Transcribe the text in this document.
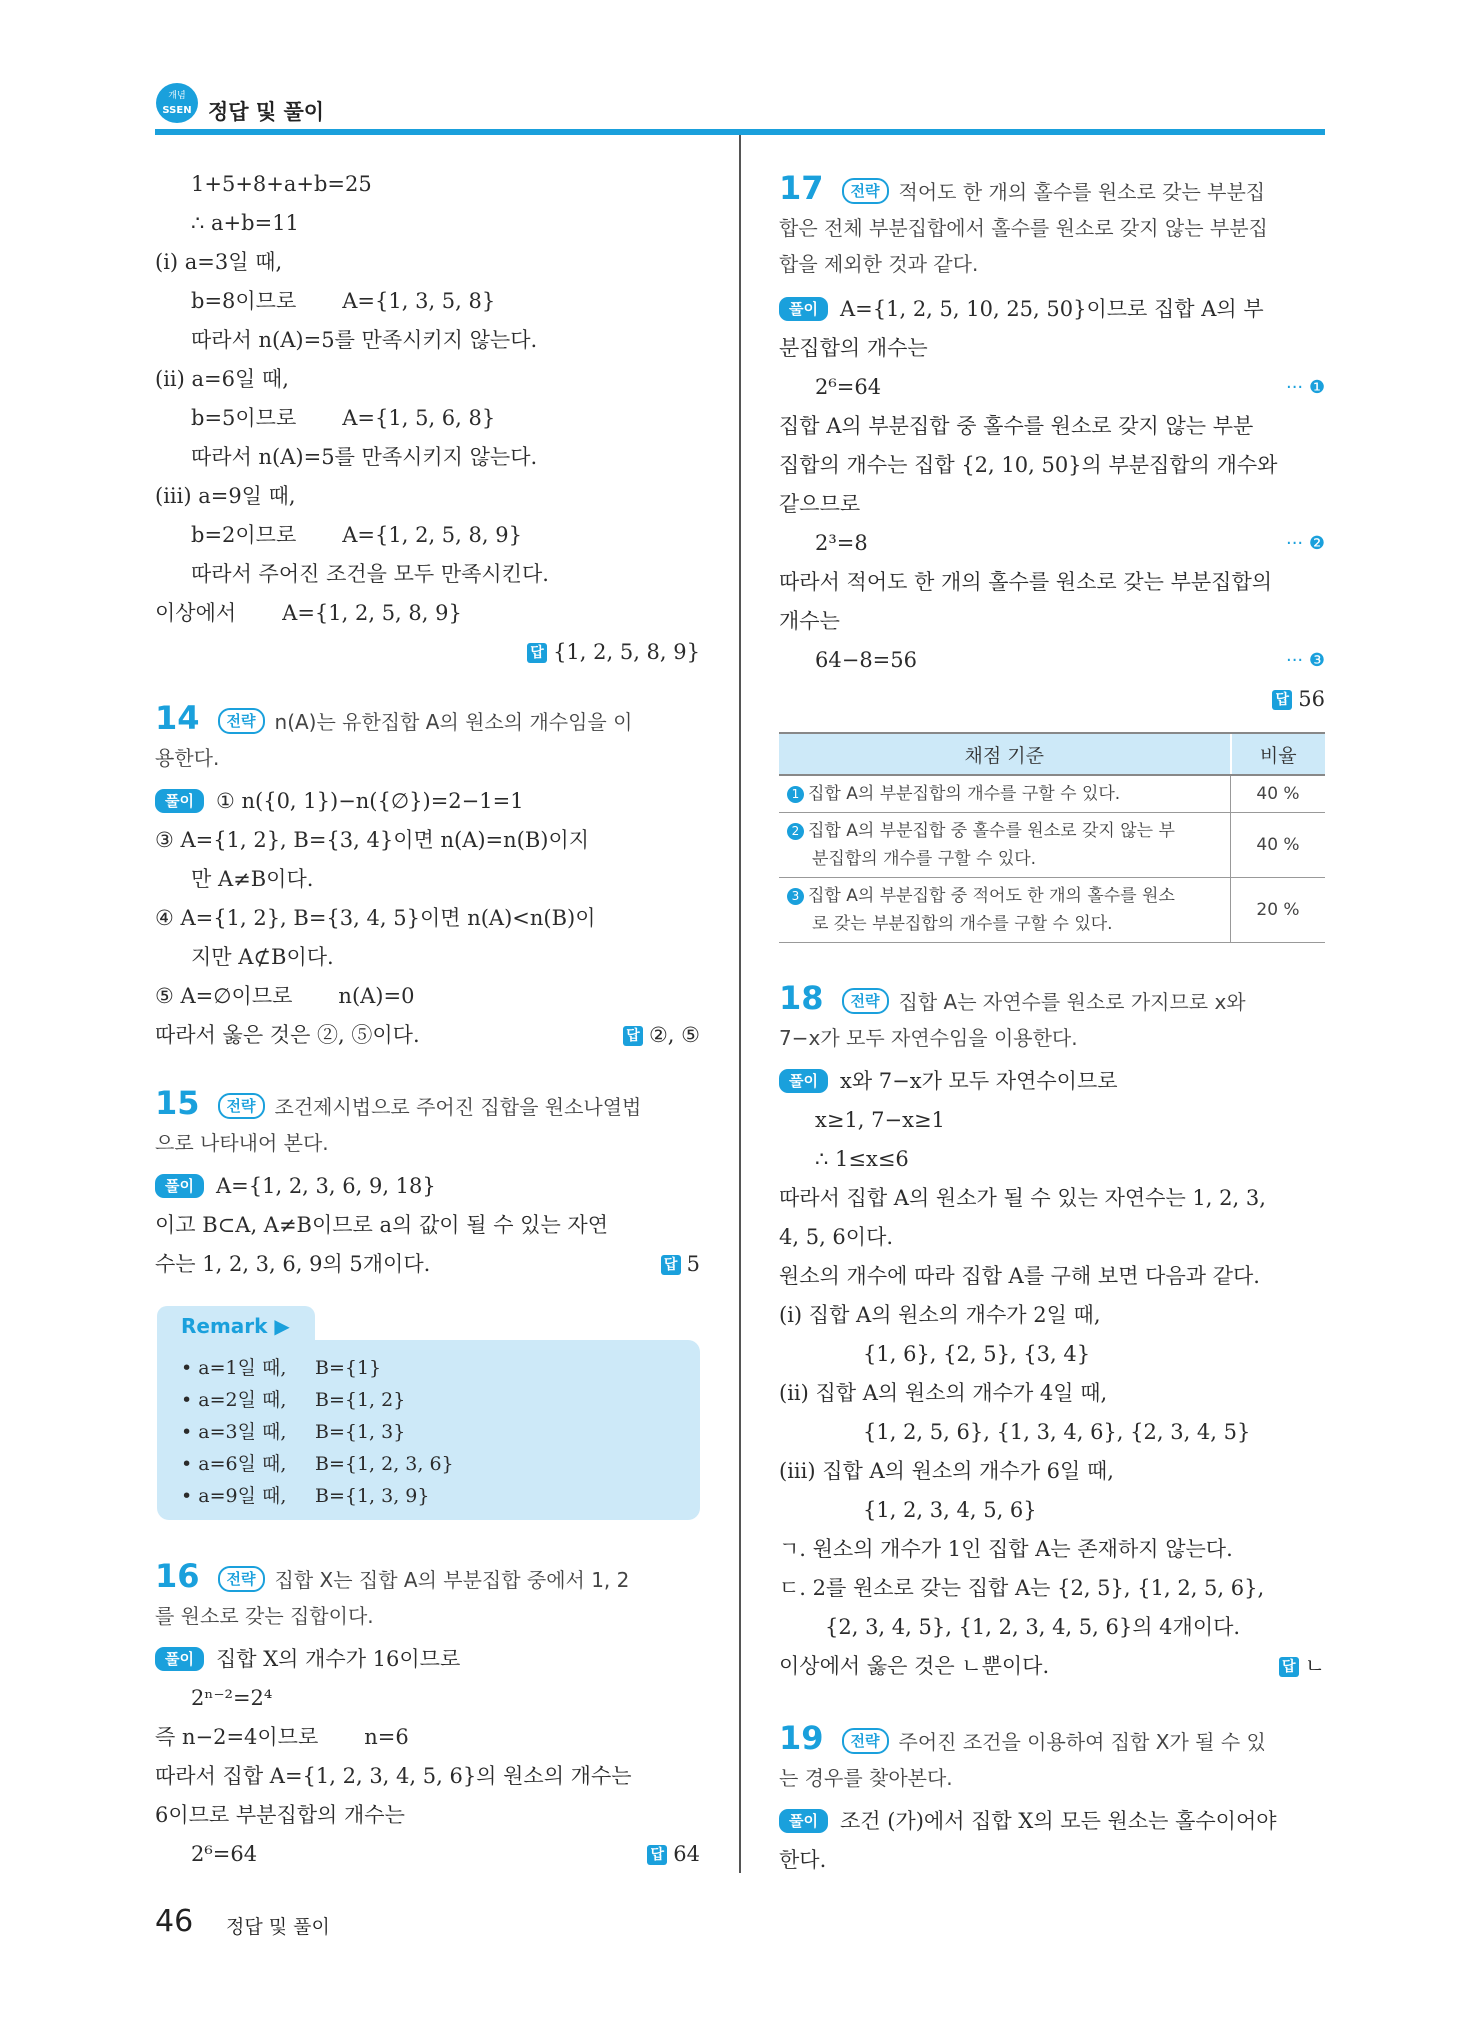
개념
SSEN 정답 및 풀이
1+5+8+a+b=25
∴ a+b=11
(i) a=3일 때,
b=8이므로 A={1, 3, 5, 8}
따라서 n(A)=5를 만족시키지 않는다.
(ii) a=6일 때,
b=5이므로 A={1, 5, 6, 8}
따라서 n(A)=5를 만족시키지 않는다.
(iii) a=9일 때,
b=2이므로 A={1, 2, 5, 8, 9}
따라서 주어진 조건을 모두 만족시킨다.
이상에서 A={1, 2, 5, 8, 9}
답 {1, 2, 5, 8, 9}
14 전략 n(A)는 유한집합 A의 원소의 개수임을 이
용한다.
풀이 ① n({0, 1})−n({∅})=2−1=1
③ A={1, 2}, B={3, 4}이면 n(A)=n(B)이지
만 A≠B이다.
④ A={1, 2}, B={3, 4, 5}이면 n(A)<n(B)이
지만 A⊄B이다.
⑤ A=∅이므로 n(A)=0
따라서 옳은 것은 ②, ⑤이다.	답 ②, ⑤
15 전략 조건제시법으로 주어진 집합을 원소나열법
으로 나타내어 본다.
풀이 A={1, 2, 3, 6, 9, 18}
이고 B⊂A, A≠B이므로 a의 값이 될 수 있는 자연
수는 1, 2, 3, 6, 9의 5개이다.	답 5
Remark ▶
• a=1일 때, B={1}
• a=2일 때, B={1, 2}
• a=3일 때, B={1, 3}
• a=6일 때, B={1, 2, 3, 6}
• a=9일 때, B={1, 3, 9}
16 전략 집합 X는 집합 A의 부분집합 중에서 1, 2
를 원소로 갖는 집합이다.
풀이 집합 X의 개수가 16이므로
2ⁿ⁻²=2⁴
즉 n−2=4이므로 n=6
따라서 집합 A={1, 2, 3, 4, 5, 6}의 원소의 개수는
6이므로 부분집합의 개수는
2⁶=64	답 64
17 전략 적어도 한 개의 홀수를 원소로 갖는 부분집
합은 전체 부분집합에서 홀수를 원소로 갖지 않는 부분집
합을 제외한 것과 같다.
풀이 A={1, 2, 5, 10, 25, 50}이므로 집합 A의 부
분집합의 개수는
2⁶=64	··· ❶
집합 A의 부분집합 중 홀수를 원소로 갖지 않는 부분
집합의 개수는 집합 {2, 10, 50}의 부분집합의 개수와
같으므로
2³=8	··· ❷
따라서 적어도 한 개의 홀수를 원소로 갖는 부분집합의
개수는
64−8=56	··· ❸
답 56
채점 기준	비율
1 집합 A의 부분집합의 개수를 구할 수 있다.	40 %
2 집합 A의 부분집합 중 홀수를 원소로 갖지 않는 부
분집합의 개수를 구할 수 있다.	40 %
3 집합 A의 부분집합 중 적어도 한 개의 홀수를 원소
로 갖는 부분집합의 개수를 구할 수 있다.	20 %
18 전략 집합 A는 자연수를 원소로 가지므로 x와
7−x가 모두 자연수임을 이용한다.
풀이 x와 7−x가 모두 자연수이므로
x≥1, 7−x≥1
∴ 1≤x≤6
따라서 집합 A의 원소가 될 수 있는 자연수는 1, 2, 3,
4, 5, 6이다.
원소의 개수에 따라 집합 A를 구해 보면 다음과 같다.
(i) 집합 A의 원소의 개수가 2일 때,
{1, 6}, {2, 5}, {3, 4}
(ii) 집합 A의 원소의 개수가 4일 때,
{1, 2, 5, 6}, {1, 3, 4, 6}, {2, 3, 4, 5}
(iii) 집합 A의 원소의 개수가 6일 때,
{1, 2, 3, 4, 5, 6}
ㄱ. 원소의 개수가 1인 집합 A는 존재하지 않는다.
ㄷ. 2를 원소로 갖는 집합 A는 {2, 5}, {1, 2, 5, 6},
{2, 3, 4, 5}, {1, 2, 3, 4, 5, 6}의 4개이다.
이상에서 옳은 것은 ㄴ뿐이다.	답 ㄴ
19 전략 주어진 조건을 이용하여 집합 X가 될 수 있
는 경우를 찾아본다.
풀이 조건 (가)에서 집합 X의 모든 원소는 홀수이어야
한다.
46 정답 및 풀이
